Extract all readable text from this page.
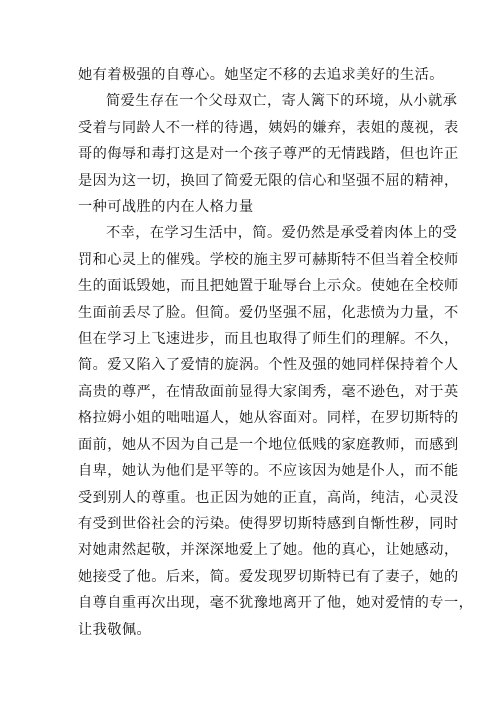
她有着极强的自尊心。她坚定不移的去追求美好的生活。

简爱生存在一个父母双亡，寄人篱下的环境，从小就承
受着与同龄人不一样的待遇，姨妈的嫌弃，表姐的蔑视，表
哥的侮辱和毒打这是对一个孩子尊严的无情践踏，但也许正
是因为这一切，换回了简爱无限的信心和坚强不屈的精神，
一种可战胜的内在人格力量

不幸，在学习生活中，简。爱仍然是承受着肉体上的受
罚和心灵上的催残。学校的施主罗可赫斯特不但当着全校师
生的面诋毁她，而且把她置于耻辱台上示众。使她在全校师
生面前丢尽了脸。但简。爱仍坚强不屈，化悲愤为力量，不
但在学习上飞速进步，而且也取得了师生们的理解。不久，
简。爱又陷入了爱情的旋涡。个性及强的她同样保持着个人
高贵的尊严，在情敌面前显得大家闺秀，毫不逊色，对于英
格拉姆小姐的咄咄逼人，她从容面对。同样，在罗切斯特的
面前，她从不因为自己是一个地位低贱的家庭教师，而感到
自卑，她认为他们是平等的。不应该因为她是仆人，而不能
受到别人的尊重。也正因为她的正直，高尚，纯洁，心灵没
有受到世俗社会的污染。使得罗切斯特感到自惭性秽，同时
对她肃然起敬，并深深地爱上了她。他的真心，让她感动，
她接受了他。后来，简。爱发现罗切斯特已有了妻子，她的
自尊自重再次出现，毫不犹豫地离开了他，她对爱情的专一，
让我敬佩。
